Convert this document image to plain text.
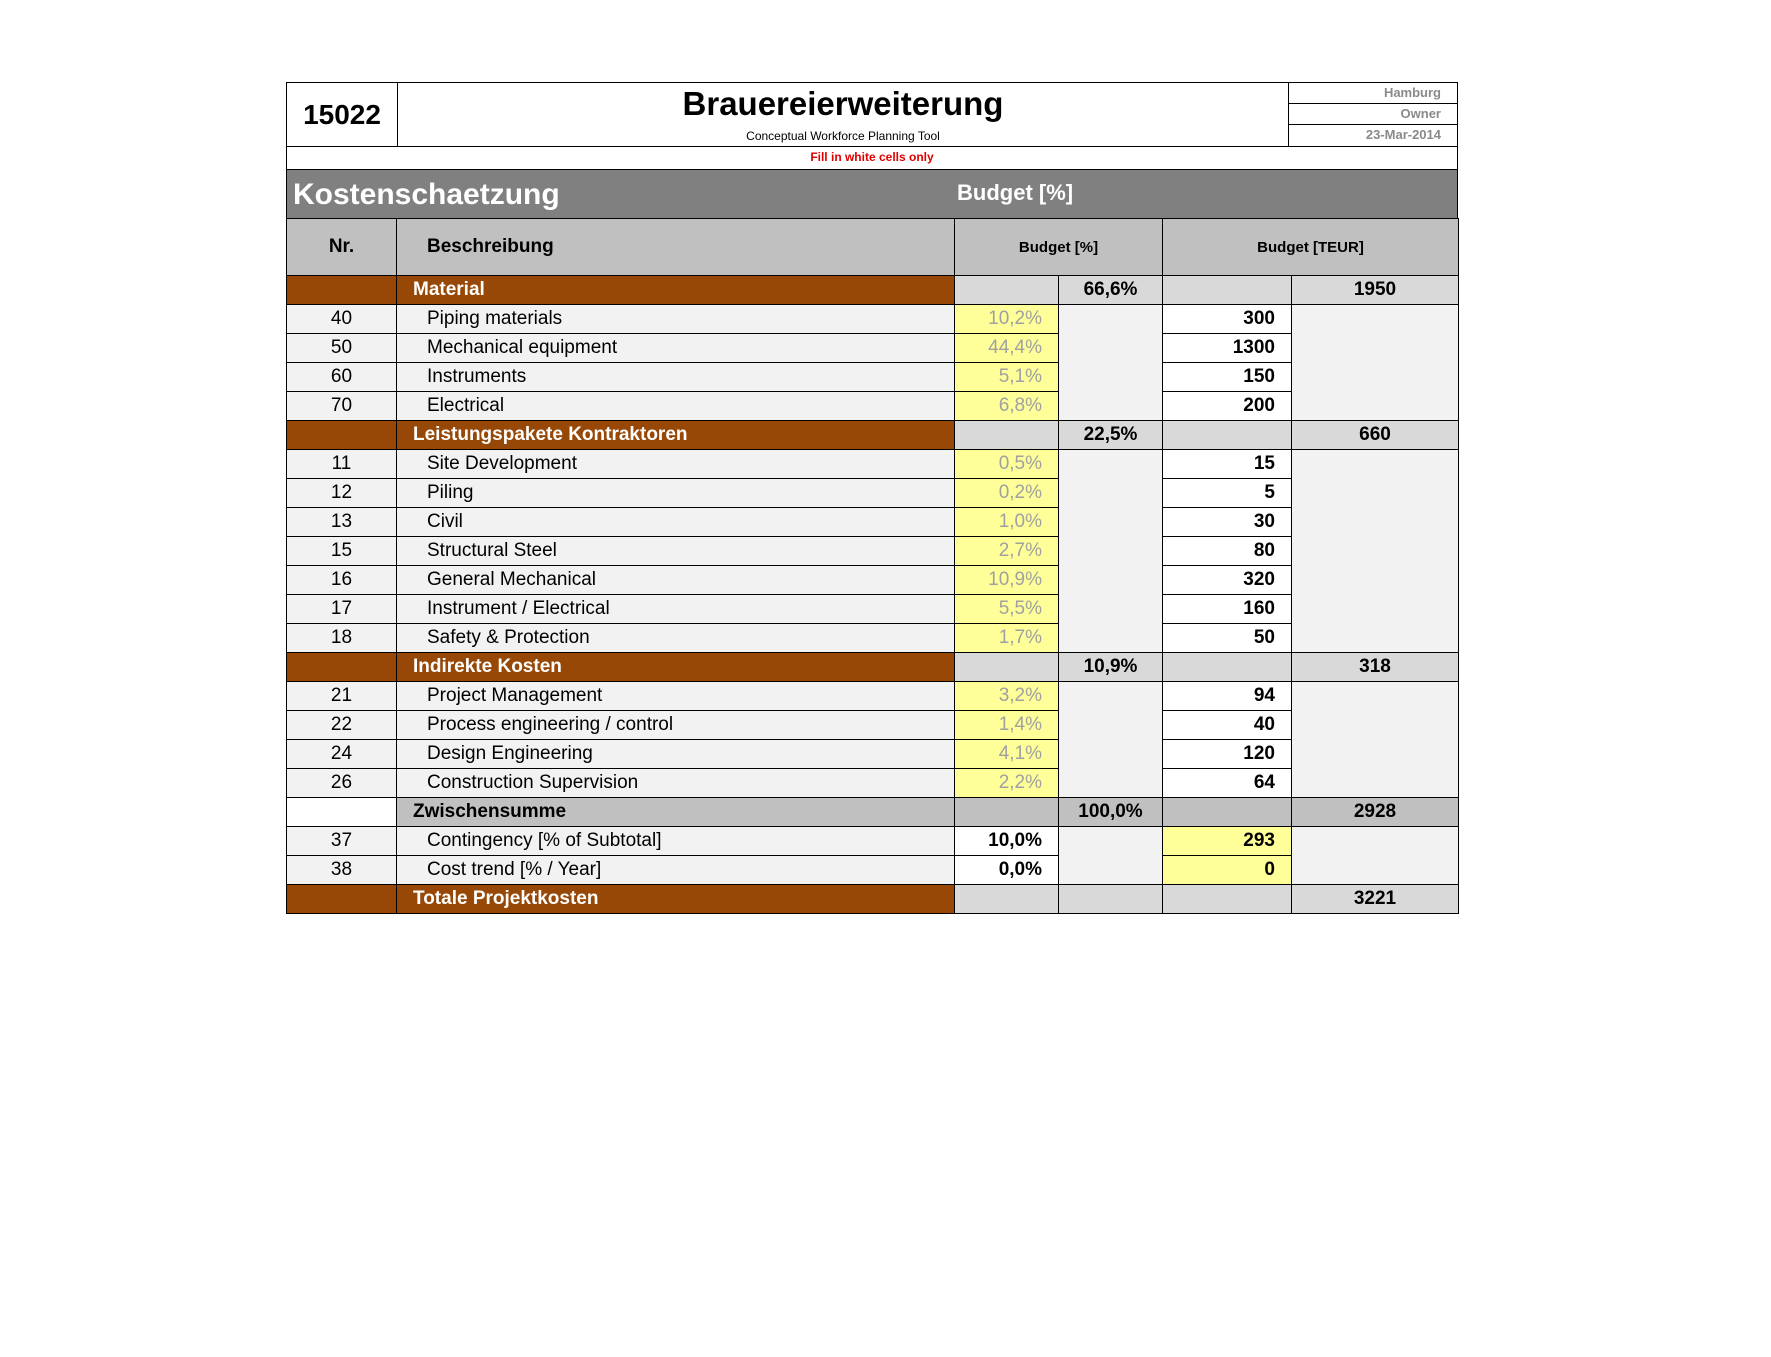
15022	Brauereierweiterung
Conceptual Workforce Planning Tool
Hamburg
Owner
23-Mar-2014
Fill in white cells only
Kostenschaetzung	Budget [%]
Nr.	Beschreibung	Budget [%]		Budget [TEUR]	
	Material		66,6%		1950
40	Piping materials	10,2%		300	
50	Mechanical equipment	44,4%		1300	
60	Instruments	5,1%		150	
70	Electrical	6,8%		200	
	Leistungspakete Kontraktoren		22,5%		660
11	Site Development	0,5%		15	
12	Piling	0,2%		5	
13	Civil	1,0%		30	
15	Structural Steel	2,7%		80	
16	General Mechanical	10,9%		320	
17	Instrument / Electrical	5,5%		160	
18	Safety & Protection	1,7%		50	
	Indirekte Kosten		10,9%		318
21	Project Management	3,2%		94	
22	Process engineering / control	1,4%		40	
24	Design Engineering	4,1%		120	
26	Construction Supervision	2,2%		64	
	Zwischensumme		100,0%		2928
37	Contingency [% of Subtotal]	10,0%		293	
38	Cost trend [% / Year]	0,0%		0	
	Totale Projektkosten				3221
